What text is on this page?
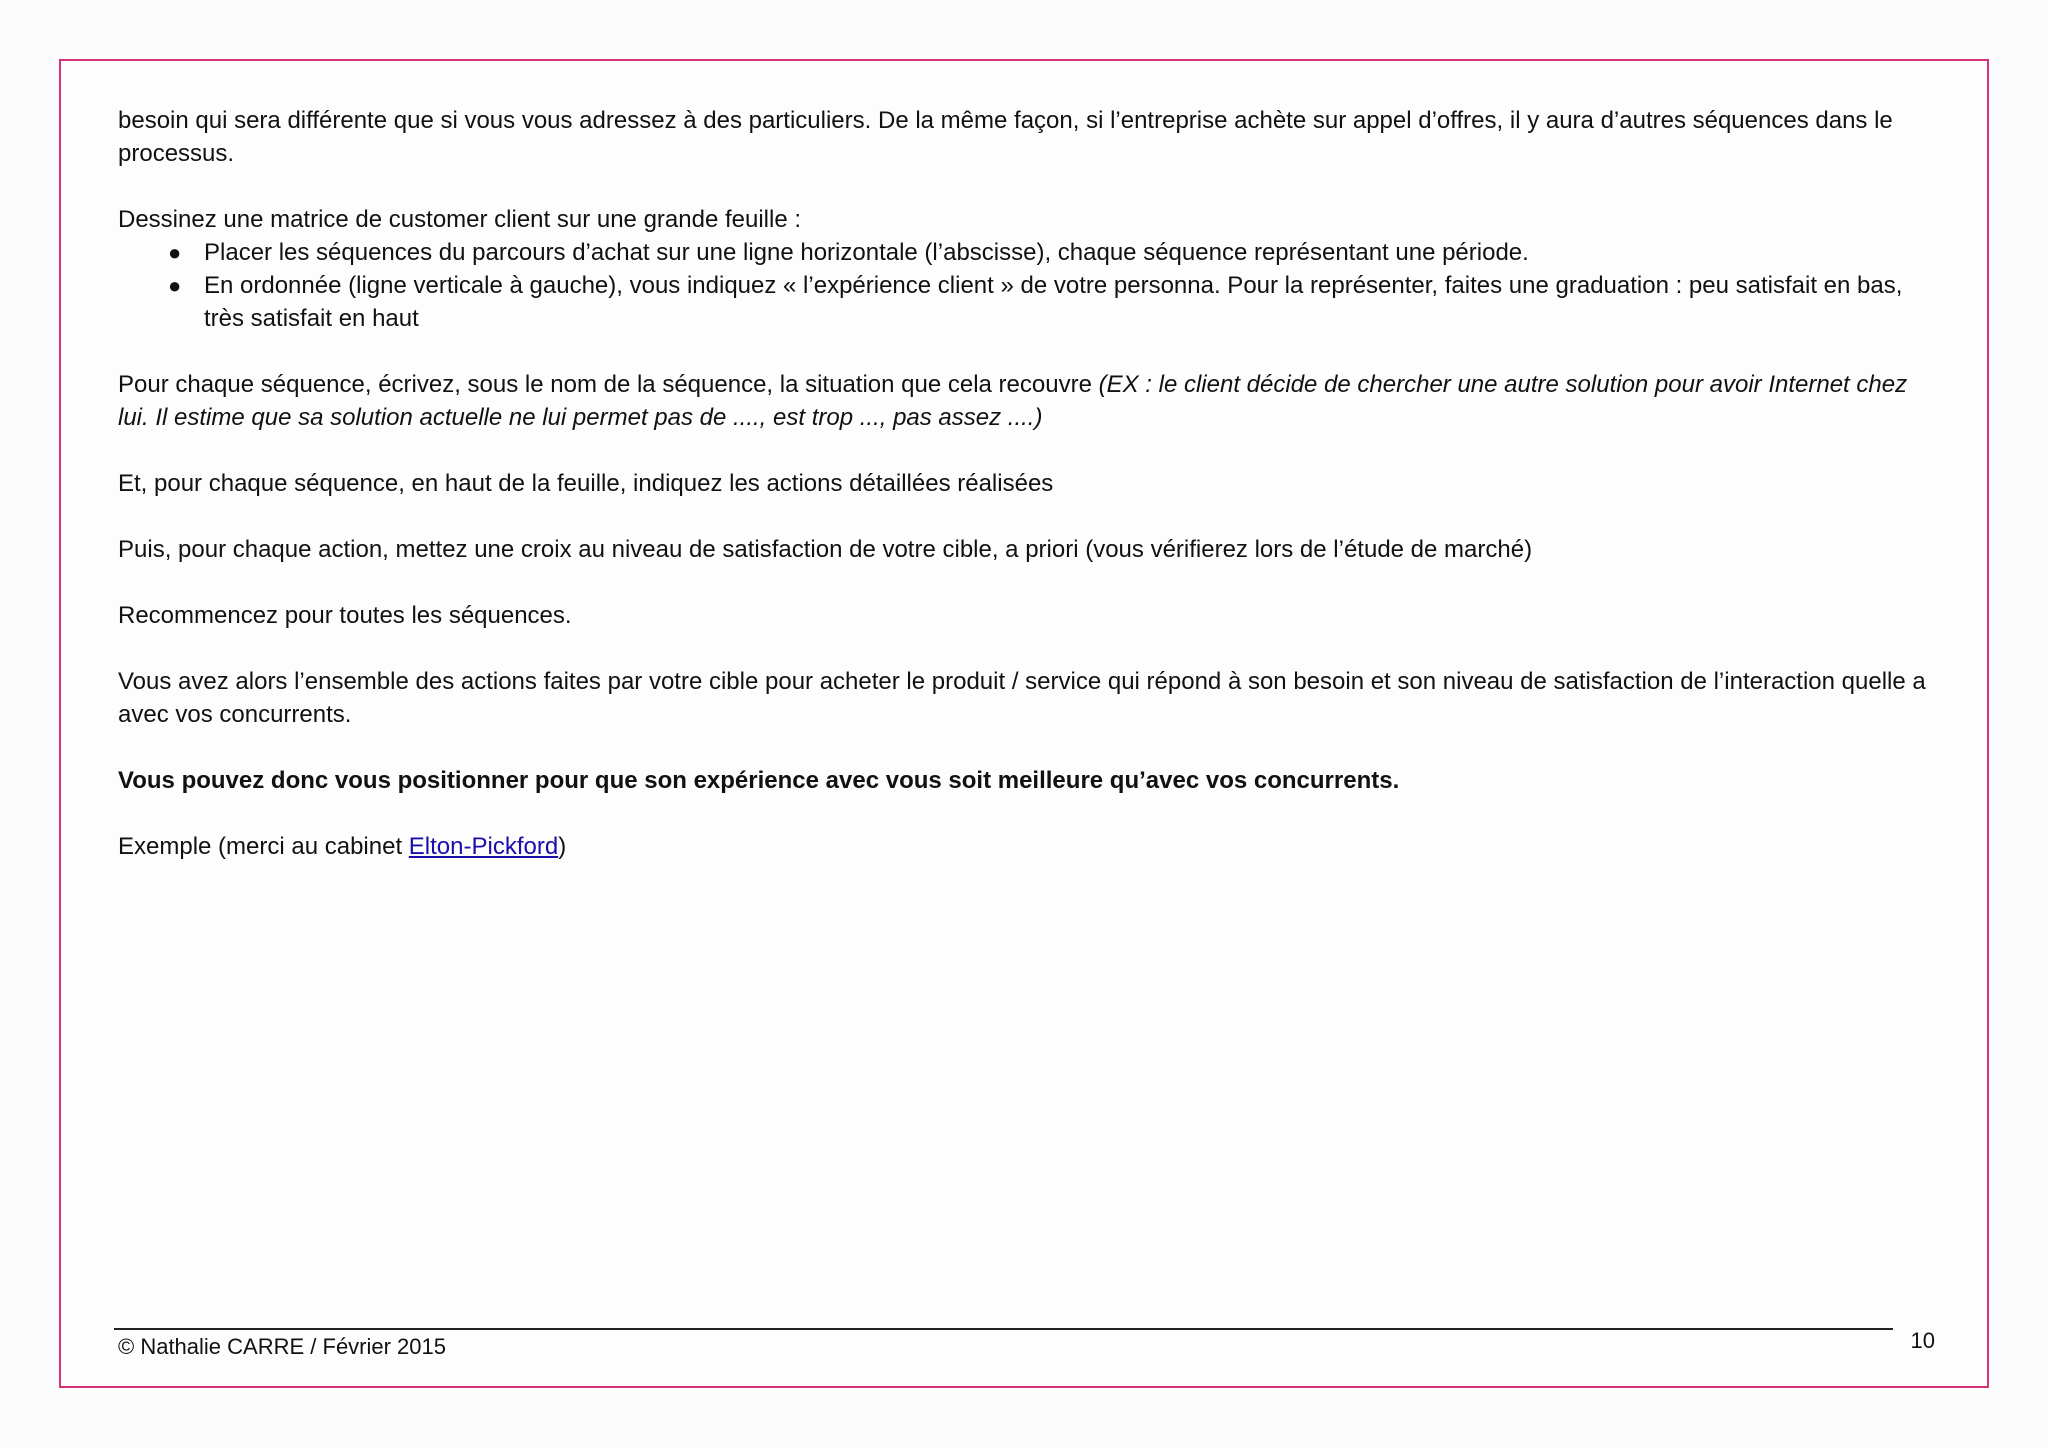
besoin qui sera différente que si vous vous adressez à des particuliers. De la même façon, si l’entreprise achète sur appel d’offres, il y aura d’autres séquences dans le processus.

Dessinez une matrice de customer client sur une grande feuille :

● Placer les séquences du parcours d’achat sur une ligne horizontale (l’abscisse), chaque séquence représentant une période.
● En ordonnée (ligne verticale à gauche), vous indiquez « l’expérience client » de votre personna. Pour la représenter, faites une graduation : peu satisfait en bas, très satisfait en haut

Pour chaque séquence, écrivez, sous le nom de la séquence, la situation que cela recouvre (EX : le client décide de chercher une autre solution pour avoir Internet chez lui. Il estime que sa solution actuelle ne lui permet pas de ...., est trop ..., pas assez ....)

Et, pour chaque séquence, en haut de la feuille, indiquez les actions détaillées réalisées

Puis, pour chaque action, mettez une croix au niveau de satisfaction de votre cible, a priori (vous vérifierez lors de l’étude de marché)

Recommencez pour toutes les séquences.

Vous avez alors l’ensemble des actions faites par votre cible pour acheter le produit / service qui répond à son besoin et son niveau de satisfaction de l’interaction quelle a avec vos concurrents.

Vous pouvez donc vous positionner pour que son expérience avec vous soit meilleure qu’avec vos concurrents.

Exemple (merci au cabinet Elton-Pickford)

© Nathalie CARRE / Février 2015	10
